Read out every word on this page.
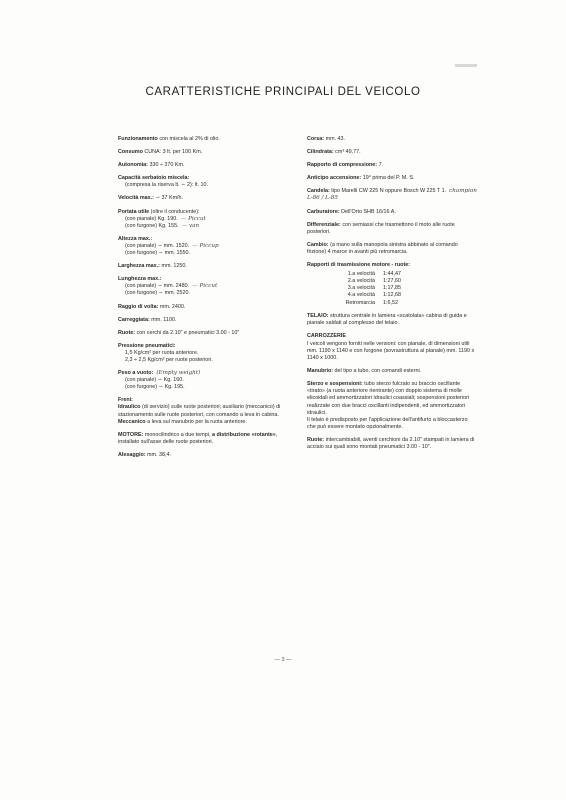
CARATTERISTICHE PRINCIPALI DEL VEICOLO
Funzionamento con miscela al 2% di olio.
Consumo CUNA: 3 lt. per 100 Km.
Autonomia: 330 ÷ 370 Km.
Capacità serbatoio miscela:
(compresa la riserva lt. ∽ 2): lt. 10.
Velocità max.: ∽ 37 Km/h.
Portata utile (oltre il conducente):
(con pianale) Kg. 190. — Piccut
(con furgone) Kg. 155. — van
Altezza max.:
(con pianale) ∽ mm. 1520. — Piccup
(con furgone) ∽ mm. 1550.
Larghezza max.: mm. 1250.
Lunghezza max.:
(con pianale) ∽ mm. 2480. — Piccut
(con furgone) ∽ mm. 2520.
Raggio di volta: mm. 2400.
Carreggiata: mm. 1100.
Ruote: con cerchi da 2.10" e pneumatici 3.00 - 10"
Pressione pneumatici:
1,5 Kg/cm² per ruota anteriore.
2,3 ÷ 2,5 Kg/cm² per ruote posteriori.
Peso a vuoto: (Empty weight)
(con pianale) ∽ Kg. 160.
(con furgone) ∽ Kg. 195.
Freni:
Idraulico (di servizio) sulle ruote posteriori; ausiliario (meccanico) di stazionamento sulle ruote posteriori, con comando a leva in cabina. Meccanico a leva sul manubrio per la ruota anteriore.
MOTORE: monocilindrico a due tempi, a distribuzione «rotante», installato sull'asse delle ruote posteriori.
Alesaggio: mm. 38,4.
Corsa: mm. 43.
Cilindrata: cm³ 49,77.
Rapporto di compressione: 7.
Anticipo accensione: 19° prima del P. M. S.
Candela: tipo Marelli CW 225 N oppure Bosch W 225 T 1. champion L-86 / L-85
Carburatore: Dell'Orto SHB 16/16 A.
Differenziale: con semiassi che trasmettono il moto alle ruote posteriori.
Cambio: (a mano sulla manopola sinistra abbinato al comando frizione) 4 marce in avanti più retromarcia.
Rapporti di trasmissione motore - ruote:
1.a velocità	1:44,47
2.a velocità	1:27,60
3.a velocità	1:17,85
4.a velocità	1:12,68
Retromarcia	1:6,52
TELAIO: struttura centrale in lamiera «scatolata» cabina di guida e pianale saldati al complesso del telaio.
CARROZZERIE
I veicoli vengono forniti nelle versioni: con pianale, di dimensioni utili mm. 1190 x 1140 e con furgone (sovrastruttura al pianale) mm. 1190 x 1140 x 1000.
Manubrio: del tipo a tubo, con comandi esterni.
Sterzo e sospensioni: tubo sterzo fulcrato su braccio oscillante «tirato» (a ruota anteriore rientrante) con doppio sistema di molle elicoidali ed ammortizzatori idraulici coassiali; sospensioni posteriori realizzate con due bracci oscillanti indipendenti, ed ammortizzatori idraulici.
Il telaio è predisposto per l'applicazione dell'antifurto a bloccasterzo che può essere montato opzionalmente.
Ruote: intercambiabili, aventi cerchioni da 2.10" stampati in lamiera di acciaio sui quali sono montati pneumatici 3.00 - 10".
— 3 —
